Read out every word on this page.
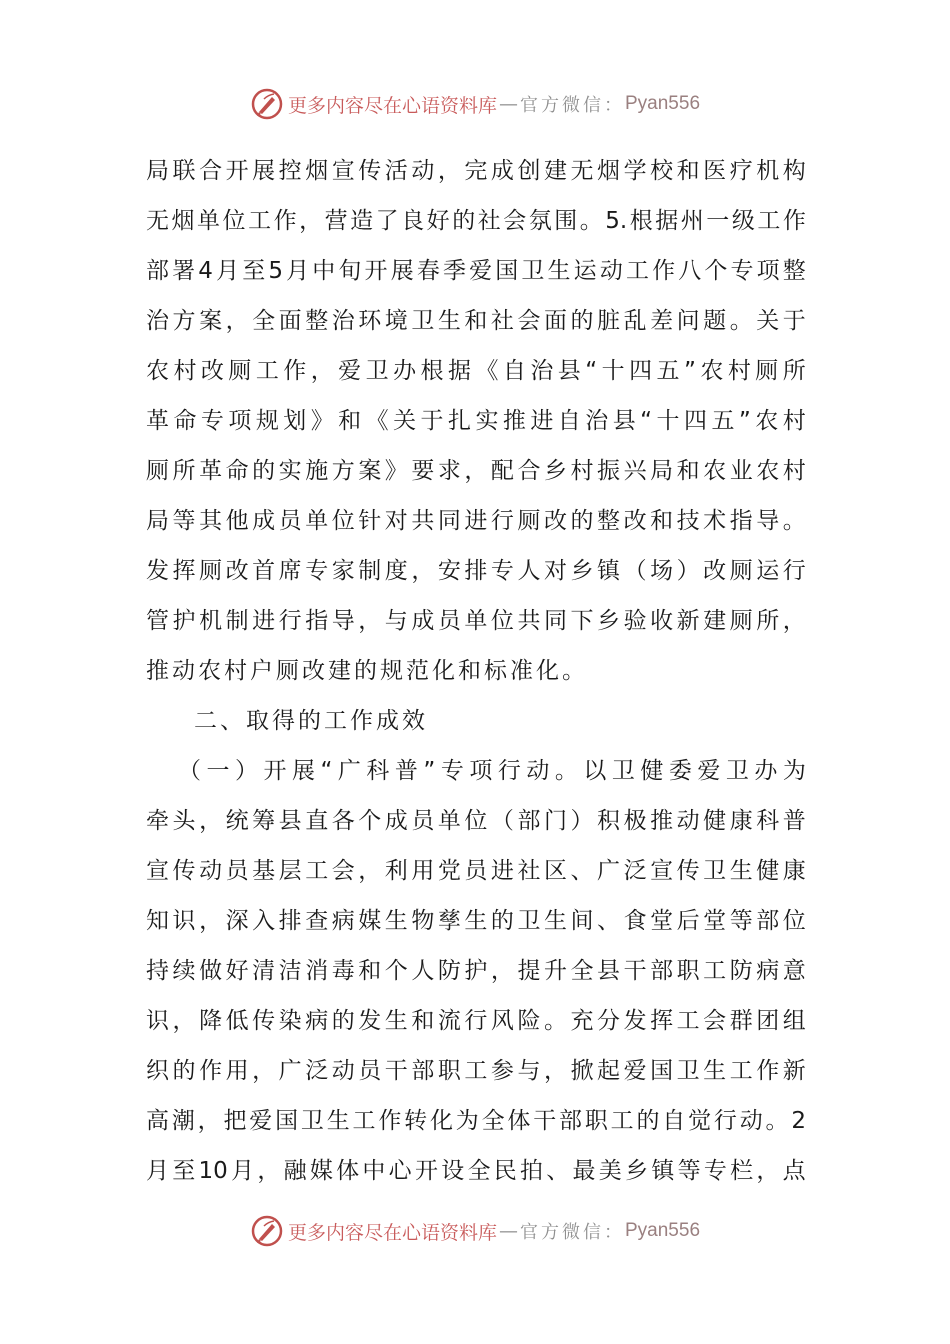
更多内容尽在心语资料库 — 官方微信： Pyan556
局 联 合 开 展 控 烟 宣 传 活 动 ， 完 成 创 建 无 烟 学 校 和 医 疗 机 构
无 烟 单 位 工 作 ， 营 造 了 良 好 的 社 会 氛 围 。 5. 根 据 州 一 级 工 作
部 署 4 月 至 5 月 中 旬 开 展 春 季 爱 国 卫 生 运 动 工 作 八 个 专 项 整
治 方 案 ， 全 面 整 治 环 境 卫 生 和 社 会 面 的 脏 乱 差 问 题 。 关 于
农 村 改 厕 工 作 ， 爱 卫 办 根 据 《 自 治 县 “ 十 四 五 ” 农 村 厕 所
革 命 专 项 规 划 》 和 《 关 于 扎 实 推 进 自 治 县 “ 十 四 五 ” 农 村
厕 所 革 命 的 实 施 方 案 》 要 求 ， 配 合 乡 村 振 兴 局 和 农 业 农 村
局 等 其 他 成 员 单 位 针 对 共 同 进 行 厕 改 的 整 改 和 技 术 指 导 。
发 挥 厕 改 首 席 专 家 制 度 ， 安 排 专 人 对 乡 镇 （ 场 ） 改 厕 运 行
管 护 机 制 进 行 指 导 ， 与 成 员 单 位 共 同 下 乡 验 收 新 建 厕 所 ，
推 动 农 村 户 厕 改 建 的 规 范 化 和 标 准 化 。
二 、 取 得 的 工 作 成 效
（ 一 ） 开 展 “ 广 科 普 ” 专 项 行 动 。 以 卫 健 委 爱 卫 办 为
牵 头 ， 统 筹 县 直 各 个 成 员 单 位 （ 部 门 ） 积 极 推 动 健 康 科 普
宣 传 动 员 基 层 工 会 ， 利 用 党 员 进 社 区 、 广 泛 宣 传 卫 生 健 康
知 识 ， 深 入 排 查 病 媒 生 物 孳 生 的 卫 生 间 、 食 堂 后 堂 等 部 位
持 续 做 好 清 洁 消 毒 和 个 人 防 护 ， 提 升 全 县 干 部 职 工 防 病 意
识 ， 降 低 传 染 病 的 发 生 和 流 行 风 险 。 充 分 发 挥 工 会 群 团 组
织 的 作 用 ， 广 泛 动 员 干 部 职 工 参 与 ， 掀 起 爱 国 卫 生 工 作 新
高 潮 ， 把 爱 国 卫 生 工 作 转 化 为 全 体 干 部 职 工 的 自 觉 行 动 。 2
月 至 10 月 ， 融 媒 体 中 心 开 设 全 民 拍 、 最 美 乡 镇 等 专 栏 ， 点
更多内容尽在心语资料库 — 官方微信： Pyan556
